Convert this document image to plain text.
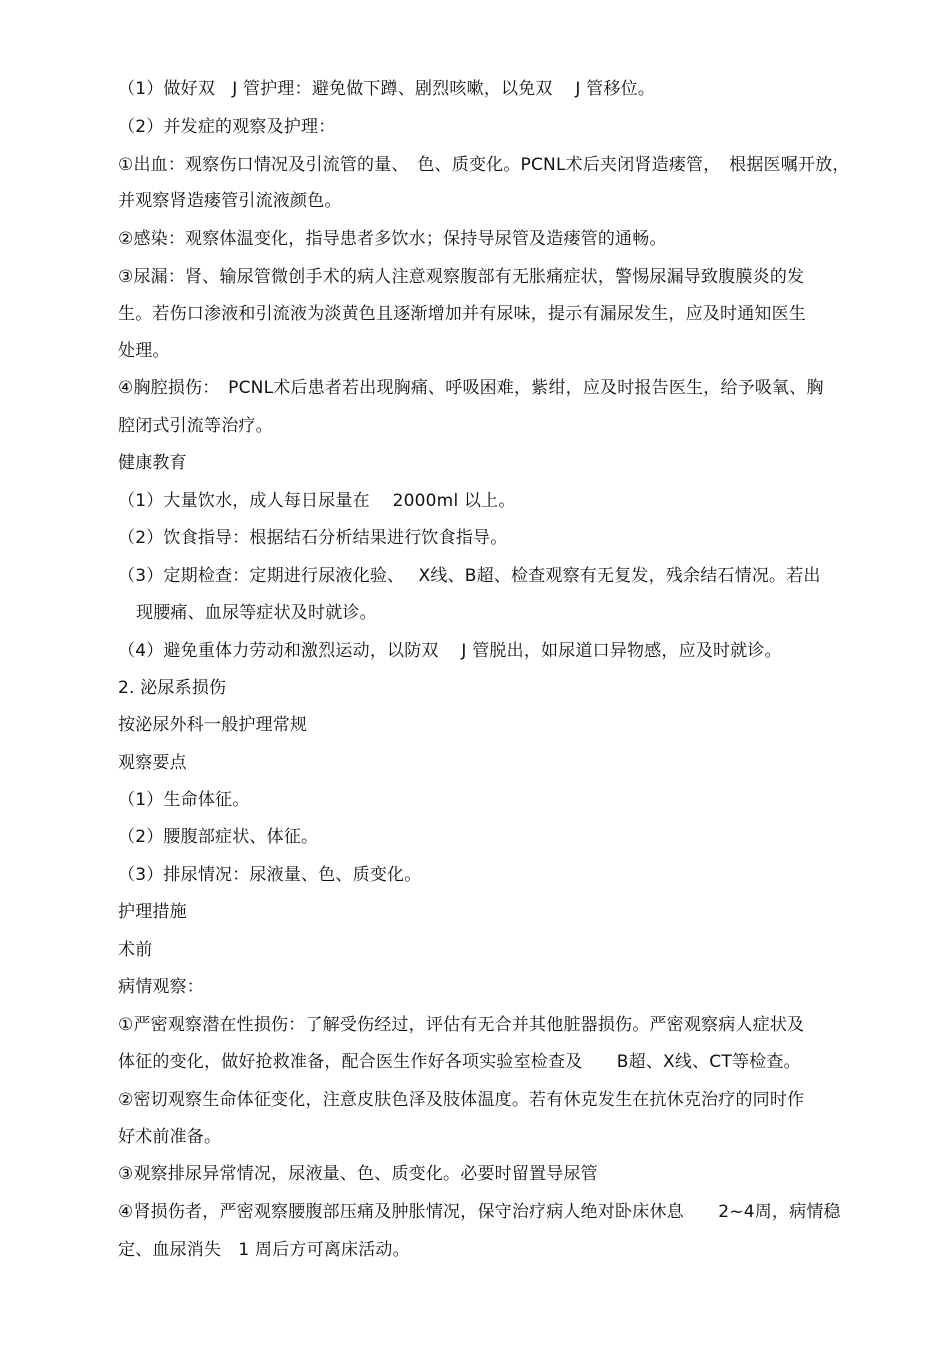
（1）做好双　J 管护理：避免做下蹲、剧烈咳嗽，以免双　 J 管移位。
（2）并发症的观察及护理：
①出血：观察伤口情况及引流管的量、　色、质变化。PCNL术后夹闭肾造瘘管，　根据医嘱开放，
并观察肾造瘘管引流液颜色。
②感染：观察体温变化，指导患者多饮水；保持导尿管及造瘘管的通畅。
③尿漏：肾、输尿管微创手术的病人注意观察腹部有无胀痛症状，警惕尿漏导致腹膜炎的发
生。若伤口渗液和引流液为淡黄色且逐渐增加并有尿味，提示有漏尿发生，应及时通知医生
处理。
④胸腔损伤：　PCNL术后患者若出现胸痛、呼吸困难，紫绀，应及时报告医生，给予吸氧、胸
腔闭式引流等治疗。
健康教育
（1）大量饮水，成人每日尿量在　 2000ml 以上。
（2）饮食指导：根据结石分析结果进行饮食指导。
（3）定期检查：定期进行尿液化验、　 X线、B超、检查观察有无复发，残余结石情况。若出
现腰痛、血尿等症状及时就诊。
（4）避免重体力劳动和激烈运动，以防双　 J 管脱出，如尿道口异物感，应及时就诊。
2. 泌尿系损伤
按泌尿外科一般护理常规
观察要点
（1）生命体征。
（2）腰腹部症状、体征。
（3）排尿情况：尿液量、色、质变化。
护理措施
术前
病情观察：
①严密观察潜在性损伤：了解受伤经过，评估有无合并其他脏器损伤。严密观察病人症状及
体征的变化，做好抢救准备，配合医生作好各项实验室检查及　　B超、X线、CT等检查。
②密切观察生命体征变化，注意皮肤色泽及肢体温度。若有休克发生在抗休克治疗的同时作
好术前准备。
③观察排尿异常情况，尿液量、色、质变化。必要时留置导尿管
④肾损伤者，严密观察腰腹部压痛及肿胀情况，保守治疗病人绝对卧床休息　　2~4周，病情稳
定、血尿消失　1 周后方可离床活动。
